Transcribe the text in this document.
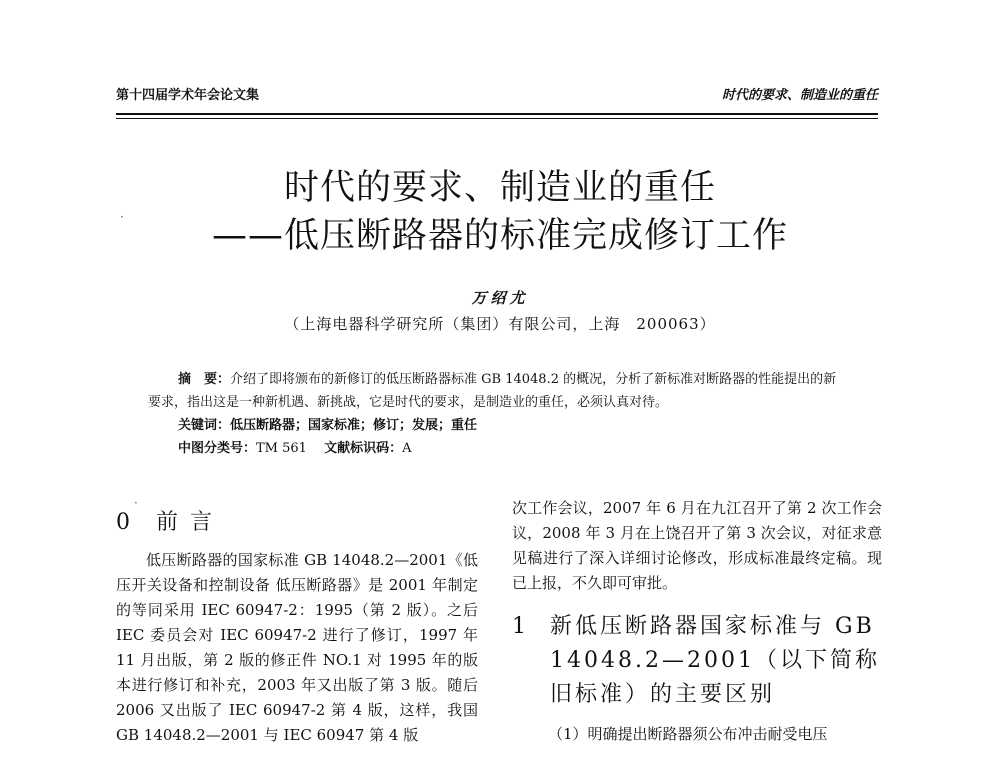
第十四届学术年会论文集	时代的要求、制造业的重任
时代的要求、制造业的重任
——低压断路器的标准完成修订工作
万绍尤
（上海电器科学研究所（集团）有限公司，上海　200063）

摘　要：介绍了即将颁布的新修订的低压断路器标准 GB 14048.2 的概况，分析了新标准对断路器的性能提出的新要求，指出这是一种新机遇、新挑战，它是时代的要求，是制造业的重任，必须认真对待。

关键词：低压断路器；国家标准；修订；发展；重任

中图分类号：TM 561 　 文献标识码：A

0 前言

低压断路器的国家标准 GB 14048.2—2001《低压开关设备和控制设备 低压断路器》是 2001 年制定的等同采用 IEC 60947-2：1995（第 2 版）。之后 IEC 委员会对 IEC 60947-2 进行了修订，1997 年 11 月出版，第 2 版的修正件 NO.1 对 1995 年的版本进行修订和补充，2003 年又出版了第 3 版。随后 2006 又出版了 IEC 60947-2 第 4 版，这样，我国 GB 14048.2—2001 与 IEC 60947 第 4 版

次工作会议，2007 年 6 月在九江召开了第 2 次工作会议，2008 年 3 月在上饶召开了第 3 次会议，对征求意见稿进行了深入详细讨论修改，形成标准最终定稿。现已上报，不久即可审批。

1 新低压断路器国家标准与 GB 14048.2—2001（以下简称旧标准）的主要区别

（1）明确提出断路器须公布冲击耐受电压

·
·
